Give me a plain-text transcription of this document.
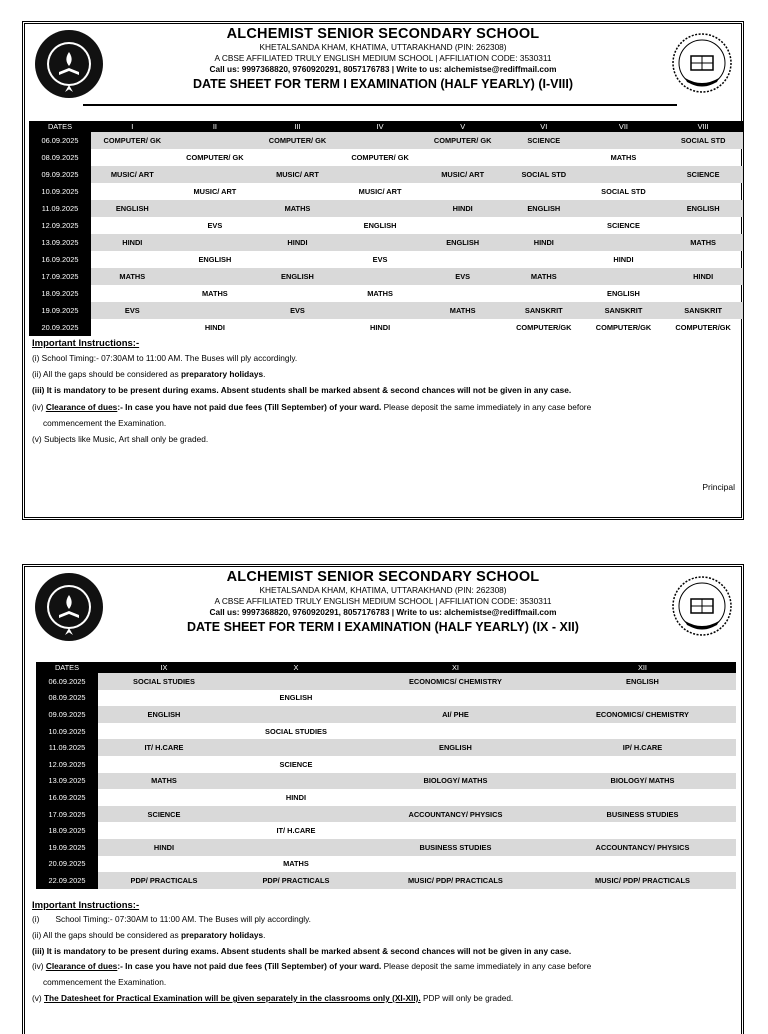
ALCHEMIST SENIOR SECONDARY SCHOOL
KHETALSANDA KHAM, KHATIMA, UTTARAKHAND (PIN: 262308)
A CBSE AFFILIATED TRULY ENGLISH MEDIUM SCHOOL | AFFILIATION CODE: 3530311
Call us: 9997368820, 9760920291, 8057176783 | Write to us: alchemistse@rediffmail.com
DATE SHEET FOR TERM I EXAMINATION (HALF YEARLY) (I-VIII)
DATES	I	II	III	IV	V	VI	VII	VIII
06.09.2025	COMPUTER/ GK		COMPUTER/ GK		COMPUTER/ GK	SCIENCE		SOCIAL STD
08.09.2025		COMPUTER/ GK		COMPUTER/ GK			MATHS	
09.09.2025	MUSIC/ ART		MUSIC/ ART		MUSIC/ ART	SOCIAL STD		SCIENCE
10.09.2025		MUSIC/ ART		MUSIC/ ART			SOCIAL STD	
11.09.2025	ENGLISH		MATHS		HINDI	ENGLISH		ENGLISH
12.09.2025		EVS		ENGLISH			SCIENCE	
13.09.2025	HINDI		HINDI		ENGLISH	HINDI		MATHS
16.09.2025		ENGLISH		EVS			HINDI	
17.09.2025	MATHS		ENGLISH		EVS	MATHS		HINDI
18.09.2025		MATHS		MATHS			ENGLISH	
19.09.2025	EVS		EVS		MATHS	SANSKRIT	SANSKRIT	SANSKRIT
20.09.2025		HINDI		HINDI		COMPUTER/GK	COMPUTER/GK	COMPUTER/GK
Important Instructions:-
(i) School Timing:- 07:30AM to 11:00 AM. The Buses will ply accordingly.
(ii) All the gaps should be considered as preparatory holidays.
(iii) It is mandatory to be present during exams. Absent students shall be marked absent & second chances will not be given in any case.
(iv) Clearance of dues:- In case you have not paid due fees (Till September) of your ward. Please deposit the same immediately in any case before
commencement the Examination.
(v) Subjects like Music, Art shall only be graded.
Principal
ALCHEMIST SENIOR SECONDARY SCHOOL
KHETALSANDA KHAM, KHATIMA, UTTARAKHAND (PIN: 262308)
A CBSE AFFILIATED TRULY ENGLISH MEDIUM SCHOOL | AFFILIATION CODE: 3530311
Call us: 9997368820, 9760920291, 8057176783 | Write to us: alchemistse@rediffmail.com
DATE SHEET FOR TERM I EXAMINATION (HALF YEARLY) (IX - XII)
DATES	IX	X	XI	XII
06.09.2025	SOCIAL STUDIES		ECONOMICS/ CHEMISTRY	ENGLISH
08.09.2025		ENGLISH		
09.09.2025	ENGLISH		AI/ PHE	ECONOMICS/ CHEMISTRY
10.09.2025		SOCIAL STUDIES		
11.09.2025	IT/ H.CARE		ENGLISH	IP/ H.CARE
12.09.2025		SCIENCE		
13.09.2025	MATHS		BIOLOGY/ MATHS	BIOLOGY/ MATHS
16.09.2025		HINDI		
17.09.2025	SCIENCE		ACCOUNTANCY/ PHYSICS	BUSINESS STUDIES
18.09.2025		IT/ H.CARE		
19.09.2025	HINDI		BUSINESS STUDIES	ACCOUNTANCY/ PHYSICS
20.09.2025		MATHS		
22.09.2025	PDP/ PRACTICALS	PDP/ PRACTICALS	MUSIC/ PDP/ PRACTICALS	MUSIC/ PDP/ PRACTICALS
Important Instructions:-
(i)       School Timing:- 07:30AM to 11:00 AM. The Buses will ply accordingly.
(ii) All the gaps should be considered as preparatory holidays.
(iii) It is mandatory to be present during exams. Absent students shall be marked absent & second chances will not be given in any case.
(iv) Clearance of dues:- In case you have not paid due fees (Till September) of your ward. Please deposit the same immediately in any case before
commencement the Examination.
(v) The Datesheet for Practical Examination will be given separately in the classrooms only (XI-XII). PDP will only be graded.
